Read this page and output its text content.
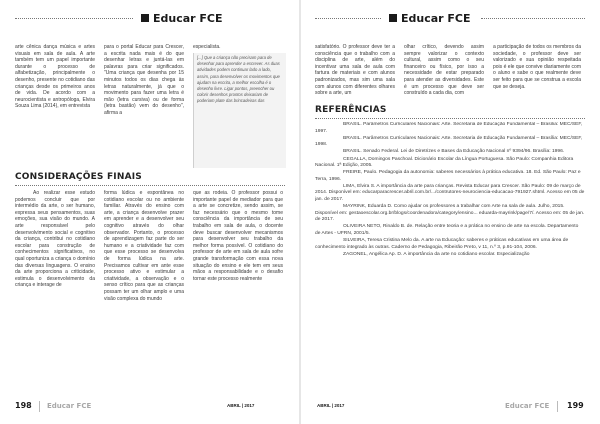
Educar FCE

arte cênica dança música e artes visuais em sala de aula. A arte também tem um papel importante durante o processo de alfabetização, principalmente o desenho, presente no cotidiano das crianças desde os primeiros anos de vida. De acordo com a neurocientista e antropóloga, Elvira Souza Lima (2014), em entrevista

para o portal Educar para Crescer, a escrita nada mais é do que desenhar letras e juntá-las em palavras para criar significados. "Uma criança que desenha por 15 minutos todos os dias chega às letras naturalmente, já que o movimento para fazer uma letra é mão (letra cursiva) ou de forma (letra bastão) vem do desenho", afirma a

especialista.

[...] Que a criança não precisam para de desenhar para aprender a escrever. As duas atividades podem continuar lado a lado, assim, para desenvolver os movimentos que ajudam na escrita, a melhor escolha é o desenho livre. Ligar pontos, preencher ou colorir desenhos prontos deixariam de poderiam plate das brincadeiras das
CONSIDERAÇÕES FINAIS

Ao realizar esse estudo podemos concluir que por intermédio da arte, o ser humano, expressa seus pensamentos, suas emoções, sua visão do mundo. A arte responsável pelo desenvolvimento social e cognitivo da criança, contribui no cotidiano escolar para construção de conhecimentos significativos, no qual oportuniza a criança o domínio das diversas linguagens. O ensino da arte proporciona a criticidade, estimula o desenvolvimento da criança e interage de

forma lúdica e espontânea no cotidiano escolar ou no ambiente familiar. Através do ensino com arte, a criança desenvolve prazer em aprender e a desenvolver seu cognitivo através do olhar observador. Portanto, o processo de aprendizagem faz parte do ser humano e a criatividade faz com que esse processo se desenvolva de forma lúdica na arte. Precisamos cultivar em ante esse processo ativo e estimular a criatividade, a observação e o senso crítico para que as crianças possam ter um olhar amplo e uma visão complexa do mundo

que as rodeia. O professor possui o importante papel de mediador para que a arte se concretize, sendo assim, se faz necessário que o mesmo tome consciência da importância de seu trabalho em sala de aula, o docente deve buscar desenvolver mecanismos para desenvolver seu trabalho da melhor forma possível. O cotidiano do professor de arte em sala de aula sofre grande transformação com essa nova situação do ensino e ele tem em seus mãos a responsabilidade e o desafio tornar este processo realmente

198 Educar FCE	ABRIL | 2017
Educar FCE

satisfatório. O professor deve ter a consciência que o trabalho com a disciplina de arte, além do incentivar uma sala de aula com fartura de materiais e com alunos padronizados, mas sim uma sala com alunos com diferentes olhares sobre a arte, um

olhar crítico, devendo assim sempre valorizar o contexto cultural, assim como o seu financeiro ou físico, por isso a necessidade de estar preparado para atender as diversidades. Este é um processo que deve ser construído a cada dia, com

a participação de todos os membros da sociedade, o professor deve ser valorizado e sua opinião respeitada pois é ele que convive diariamente com o aluno e sabe o que realmente deve ser feito para que se construa a escola que se deseja.

REFERÊNCIAS

BRASIL. Parâmetros Curriculares Nacionais: Arte. Secretaria de Educação Fundamental – Brasília: MEC/SEF, 1997.

BRASIL. Parâmetros Curriculares Nacionais: Arte. Secretaria de Educação Fundamental – Brasília: MEC/SEF, 1998.

BRASIL. Senado Federal. Lei de Diretrizes e Bases da Educação Nacional nº 9394/96. Brasília: 1996.

CEGALLA, Domingos Paschoal. Dicionário Escolar da Língua Portuguesa. São Paulo: Companhia Editora Nacional. 1ª Edição, 2005.

FREIRE, Paulo. Pedagogia da autonomia: saberes necessários à prática educativa. 18. Ed. São Paulo: Paz e Terra, 1996.

LIMA, Elvira S. A importância da arte para crianças. Revista Educar para Crescer. São Paulo: 09 de março de 2014. Disponível em: educarparacrescer.abril.com.br/.../contrutores-neurociencia-educacao-791927.shtml. Acesso em 05 de jan. de 2017.

MAYRINK, Eduarda D. Como ajudar os professores a trabalhar com Arte na sala de aula. Julho, 2015. Disponível em: gestaoescolar.org.br/blogs/coordenadora/category/ensino... eduarda-mayrink/page/7/. Acesso em: 05 de jan. de 2017.

OLIVEIRA NETO, Rinaldo B. de. Relação entre teoria e a prática no ensino de arte na escola. Departamento de Artes - UFRN, 2001/5.

SILVEIRA, Teresa Cristina Melo da. A arte na Educação: saberes e práticas educativas em uma área de conhecimento integrado às outras. Caderno de Pedagogia, Ribeirão Preto, v 11, n.º 3, p.91-104, 2006.

ZAGONEL, Angélica Ap. D. A importância da arte no cotidiano escolar. Especialização

ABRIL | 2017	Educar FCE 199
